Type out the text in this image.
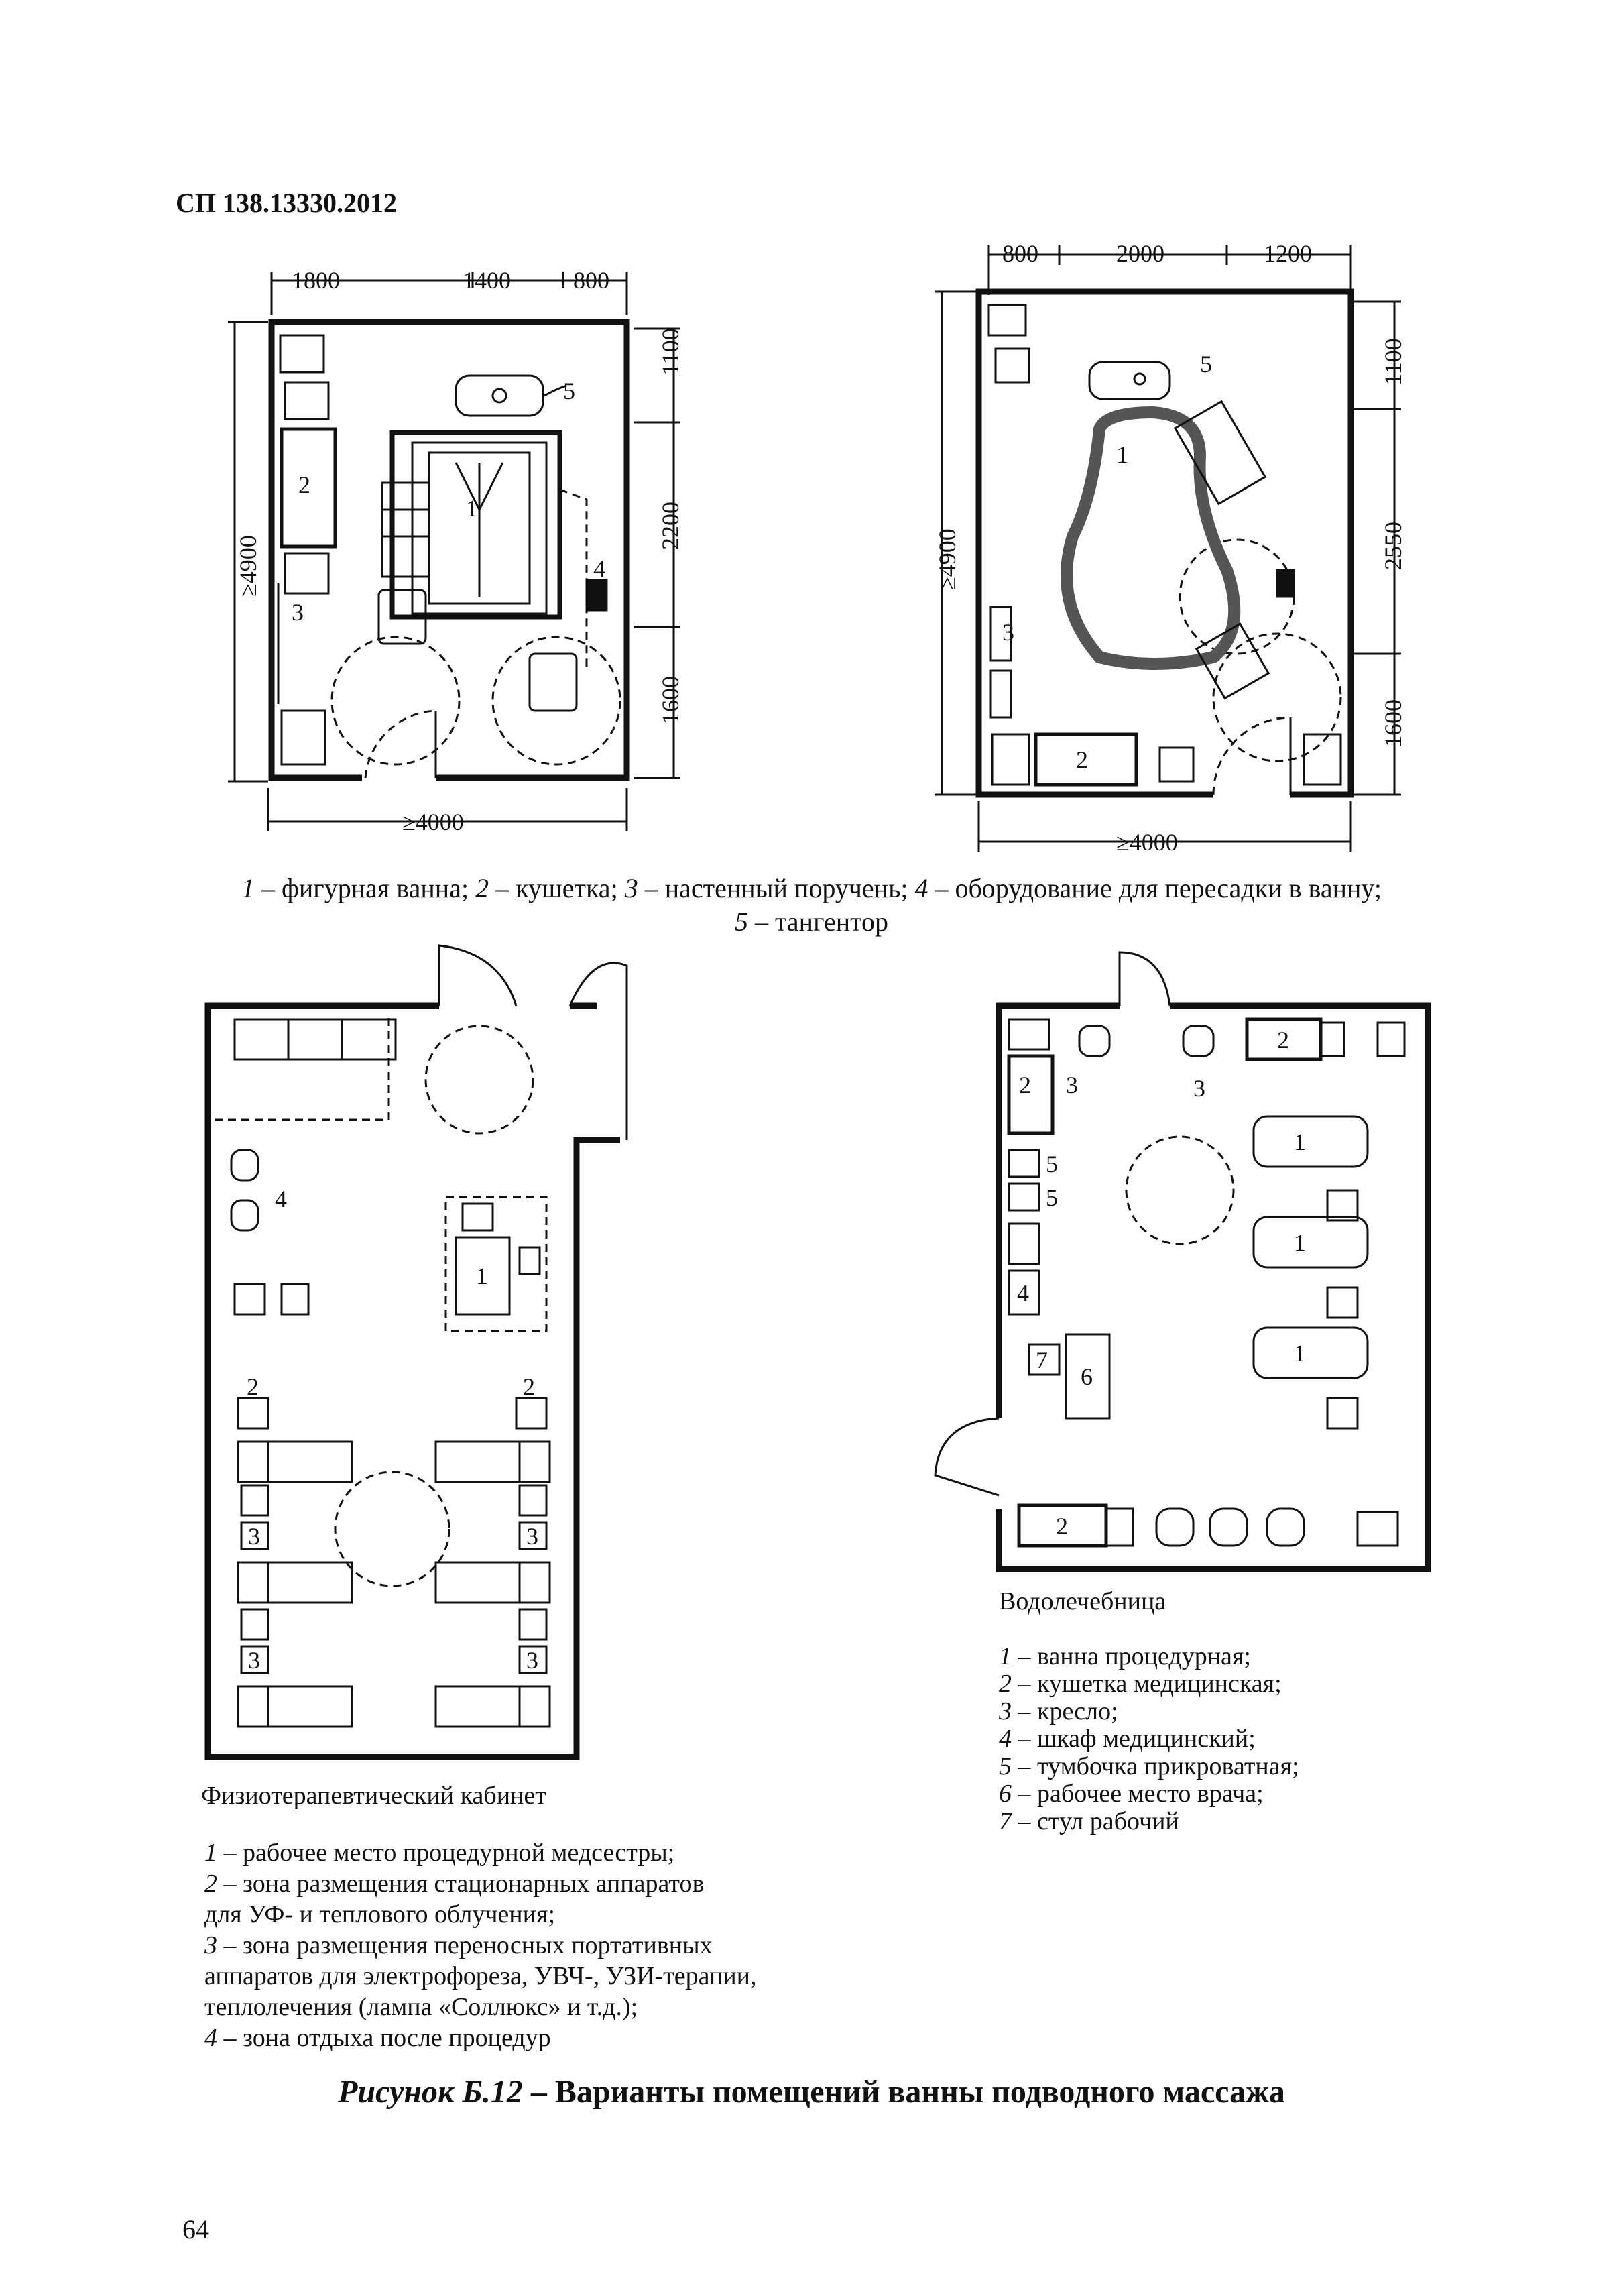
СП 138.13330.2012
1800	1400	800
1100
2200
1600
≥4900
≥4000
1
2
3
4
5
800	2000	1200
1100
2550
1600
≥4900
≥4000
1
2
3
4
5
1
2	2
3	3
3	3
4
1
1
1
2
2
2
3	3
4
5
5
6
7
1 – фигурная ванна; 2 – кушетка; 3 – настенный поручень; 4 – оборудование для пересадки в ванну;
5 – тангентор
Физиотерапевтический кабинет
1 – рабочее место процедурной медсестры;
2 – зона размещения стационарных аппаратов
для УФ- и теплового облучения;
3 – зона размещения переносных портативных
аппаратов для электрофореза, УВЧ-, УЗИ-терапии,
теплолечения (лампа «Соллюкс» и т.д.);
4 – зона отдыха после процедур
Водолечебница
1 – ванна процедурная;
2 – кушетка медицинская;
3 – кресло;
4 – шкаф медицинский;
5 – тумбочка прикроватная;
6 – рабочее место врача;
7 – стул рабочий
Рисунок Б.12 – Варианты помещений ванны подводного массажа
64
